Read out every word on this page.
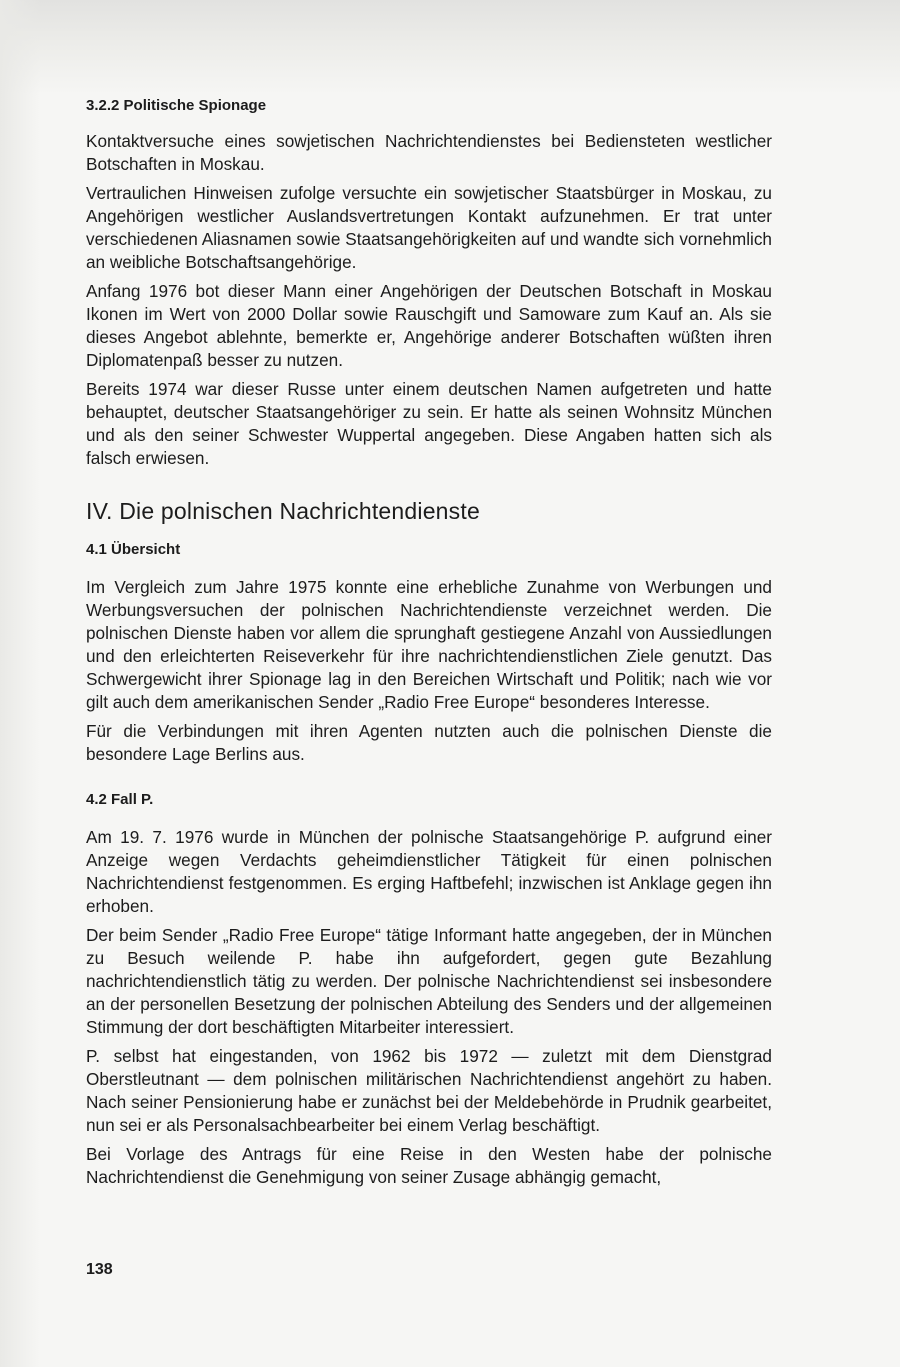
3.2.2 Politische Spionage

Kontaktversuche eines sowjetischen Nachrichtendienstes bei Bediensteten westlicher Botschaften in Moskau.

Vertraulichen Hinweisen zufolge versuchte ein sowjetischer Staatsbürger in Moskau, zu Angehörigen westlicher Auslandsvertretungen Kontakt aufzunehmen. Er trat unter verschiedenen Aliasnamen sowie Staatsangehörigkeiten auf und wandte sich vornehmlich an weibliche Botschaftsangehörige.

Anfang 1976 bot dieser Mann einer Angehörigen der Deutschen Botschaft in Moskau Ikonen im Wert von 2000 Dollar sowie Rauschgift und Samoware zum Kauf an. Als sie dieses Angebot ablehnte, bemerkte er, Angehörige anderer Botschaften wüßten ihren Diplomatenpaß besser zu nutzen.

Bereits 1974 war dieser Russe unter einem deutschen Namen aufgetreten und hatte behauptet, deutscher Staatsangehöriger zu sein. Er hatte als seinen Wohnsitz München und als den seiner Schwester Wuppertal angegeben. Diese Angaben hatten sich als falsch erwiesen.

IV. Die polnischen Nachrichtendienste
4.1 Übersicht

Im Vergleich zum Jahre 1975 konnte eine erhebliche Zunahme von Werbungen und Werbungsversuchen der polnischen Nachrichtendienste verzeichnet werden. Die polnischen Dienste haben vor allem die sprunghaft gestiegene Anzahl von Aussiedlungen und den erleichterten Reiseverkehr für ihre nachrichtendienstlichen Ziele genutzt. Das Schwergewicht ihrer Spionage lag in den Bereichen Wirtschaft und Politik; nach wie vor gilt auch dem amerikanischen Sender „Radio Free Europe“ besonderes Interesse.

Für die Verbindungen mit ihren Agenten nutzten auch die polnischen Dienste die besondere Lage Berlins aus.

4.2 Fall P.

Am 19. 7. 1976 wurde in München der polnische Staatsangehörige P. aufgrund einer Anzeige wegen Verdachts geheimdienstlicher Tätigkeit für einen polnischen Nachrichtendienst festgenommen. Es erging Haftbefehl; inzwischen ist Anklage gegen ihn erhoben.

Der beim Sender „Radio Free Europe“ tätige Informant hatte angegeben, der in München zu Besuch weilende P. habe ihn aufgefordert, gegen gute Bezahlung nachrichtendienstlich tätig zu werden. Der polnische Nachrichtendienst sei insbesondere an der personellen Besetzung der polnischen Abteilung des Senders und der allgemeinen Stimmung der dort beschäftigten Mitarbeiter interessiert.

P. selbst hat eingestanden, von 1962 bis 1972 — zuletzt mit dem Dienstgrad Oberstleutnant — dem polnischen militärischen Nachrichtendienst angehört zu haben. Nach seiner Pensionierung habe er zunächst bei der Meldebehörde in Prudnik gearbeitet, nun sei er als Personalsachbearbeiter bei einem Verlag beschäftigt.

Bei Vorlage des Antrags für eine Reise in den Westen habe der polnische Nachrichtendienst die Genehmigung von seiner Zusage abhängig gemacht,

138
